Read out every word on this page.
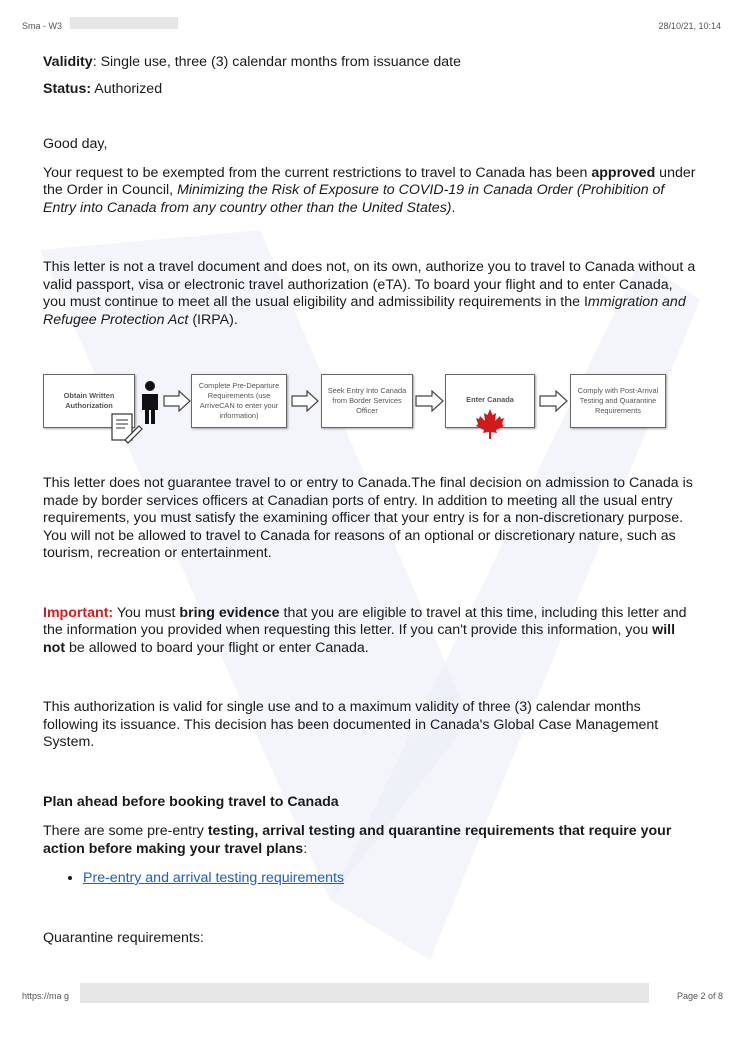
Sma - W3	28/10/21, 10:14

Validity: Single use, three (3) calendar months from issuance date

Status: Authorized

Good day,

Your request to be exempted from the current restrictions to travel to Canada has been approved under the Order in Council, Minimizing the Risk of Exposure to COVID-19 in Canada Order (Prohibition of Entry into Canada from any country other than the United States).

This letter is not a travel document and does not, on its own, authorize you to travel to Canada without a valid passport, visa or electronic travel authorization (eTA). To board your flight and to enter Canada, you must continue to meet all the usual eligibility and admissibility requirements in the Immigration and Refugee Protection Act (IRPA).

Obtain Written Authorization
Complete Pre-Departure Requirements (use ArriveCAN to enter your information)
Seek Entry Into Canada from Border Services Officer
Enter Canada
Comply with Post-Arrival Testing and Quarantine Requirements

This letter does not guarantee travel to or entry to Canada.The final decision on admission to Canada is made by border services officers at Canadian ports of entry. In addition to meeting all the usual entry requirements, you must satisfy the examining officer that your entry is for a non-discretionary purpose. You will not be allowed to travel to Canada for reasons of an optional or discretionary nature, such as tourism, recreation or entertainment.

Important: You must bring evidence that you are eligible to travel at this time, including this letter and the information you provided when requesting this letter. If you can't provide this information, you will not be allowed to board your flight or enter Canada.

This authorization is valid for single use and to a maximum validity of three (3) calendar months following its issuance. This decision has been documented in Canada's Global Case Management System.

Plan ahead before booking travel to Canada

There are some pre-entry testing, arrival testing and quarantine requirements that require your action before making your travel plans:

• Pre-entry and arrival testing requirements

Quarantine requirements:

https://ma g	Page 2 of 8
